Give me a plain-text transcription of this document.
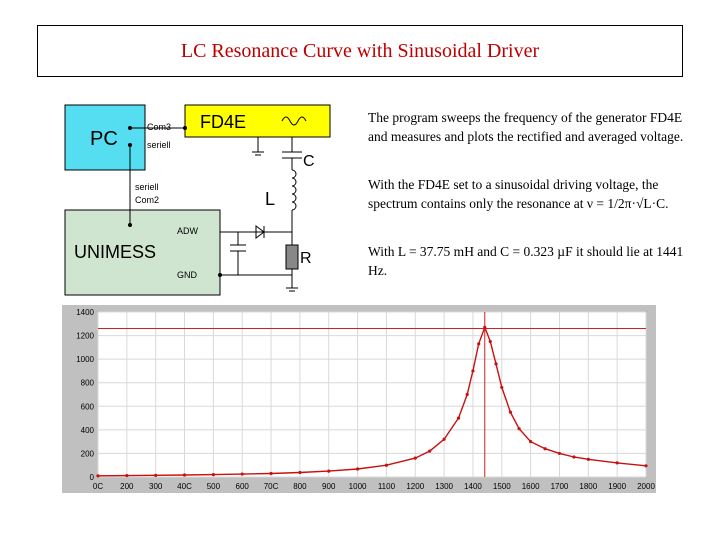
LC Resonance Curve with Sinusoidal Driver
PC
FD4E
UNIMESS
Com3
seriell
seriell
Com2
C
L
ADW
R
GND

The program sweeps the frequency of the generator FD4E and measures and plots the rectified and averaged voltage.

With the FD4E set to a sinusoidal driving voltage, the spectrum contains only the resonance at ν = 1/2π·√L·C.

With L = 37.75 mH and C = 0.323 µF it should lie at 1441 Hz.

0C 200 300 40C 500 600 70C 800 900 1000 1100 1200 1300 1400 1500 1600 1700 1800 1900 2000
0
200
400
600
800
1000
1200
1400
